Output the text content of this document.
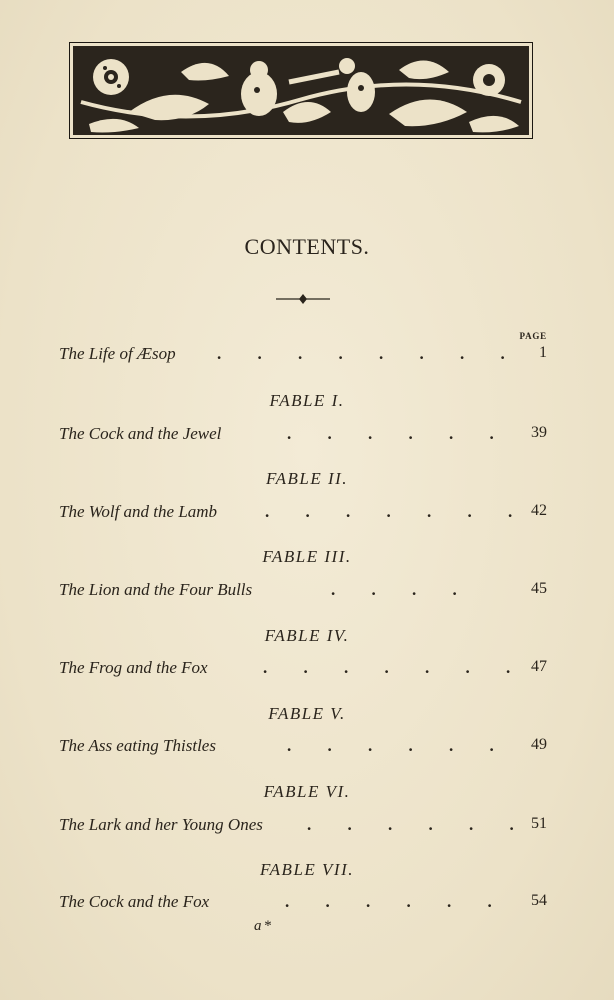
CONTENTS.
PAGE
The Life of Æsop . . . . . . . . 1
FABLE I.
The Cock and the Jewel	. . . . . . 39
FABLE II.
The Wolf and the Lamb	. . . . . . . 42
FABLE III.
The Lion and the Four Bulls	. . . .	45
FABLE IV.
The Frog and the Fox	. . . . . . . 47
FABLE V.
The Ass eating Thistles	. . . . . . 49
FABLE VI.
The Lark and her Young Ones	. . . . . . 51
FABLE VII.
The Cock and the Fox	. . . . . . 54
a*
